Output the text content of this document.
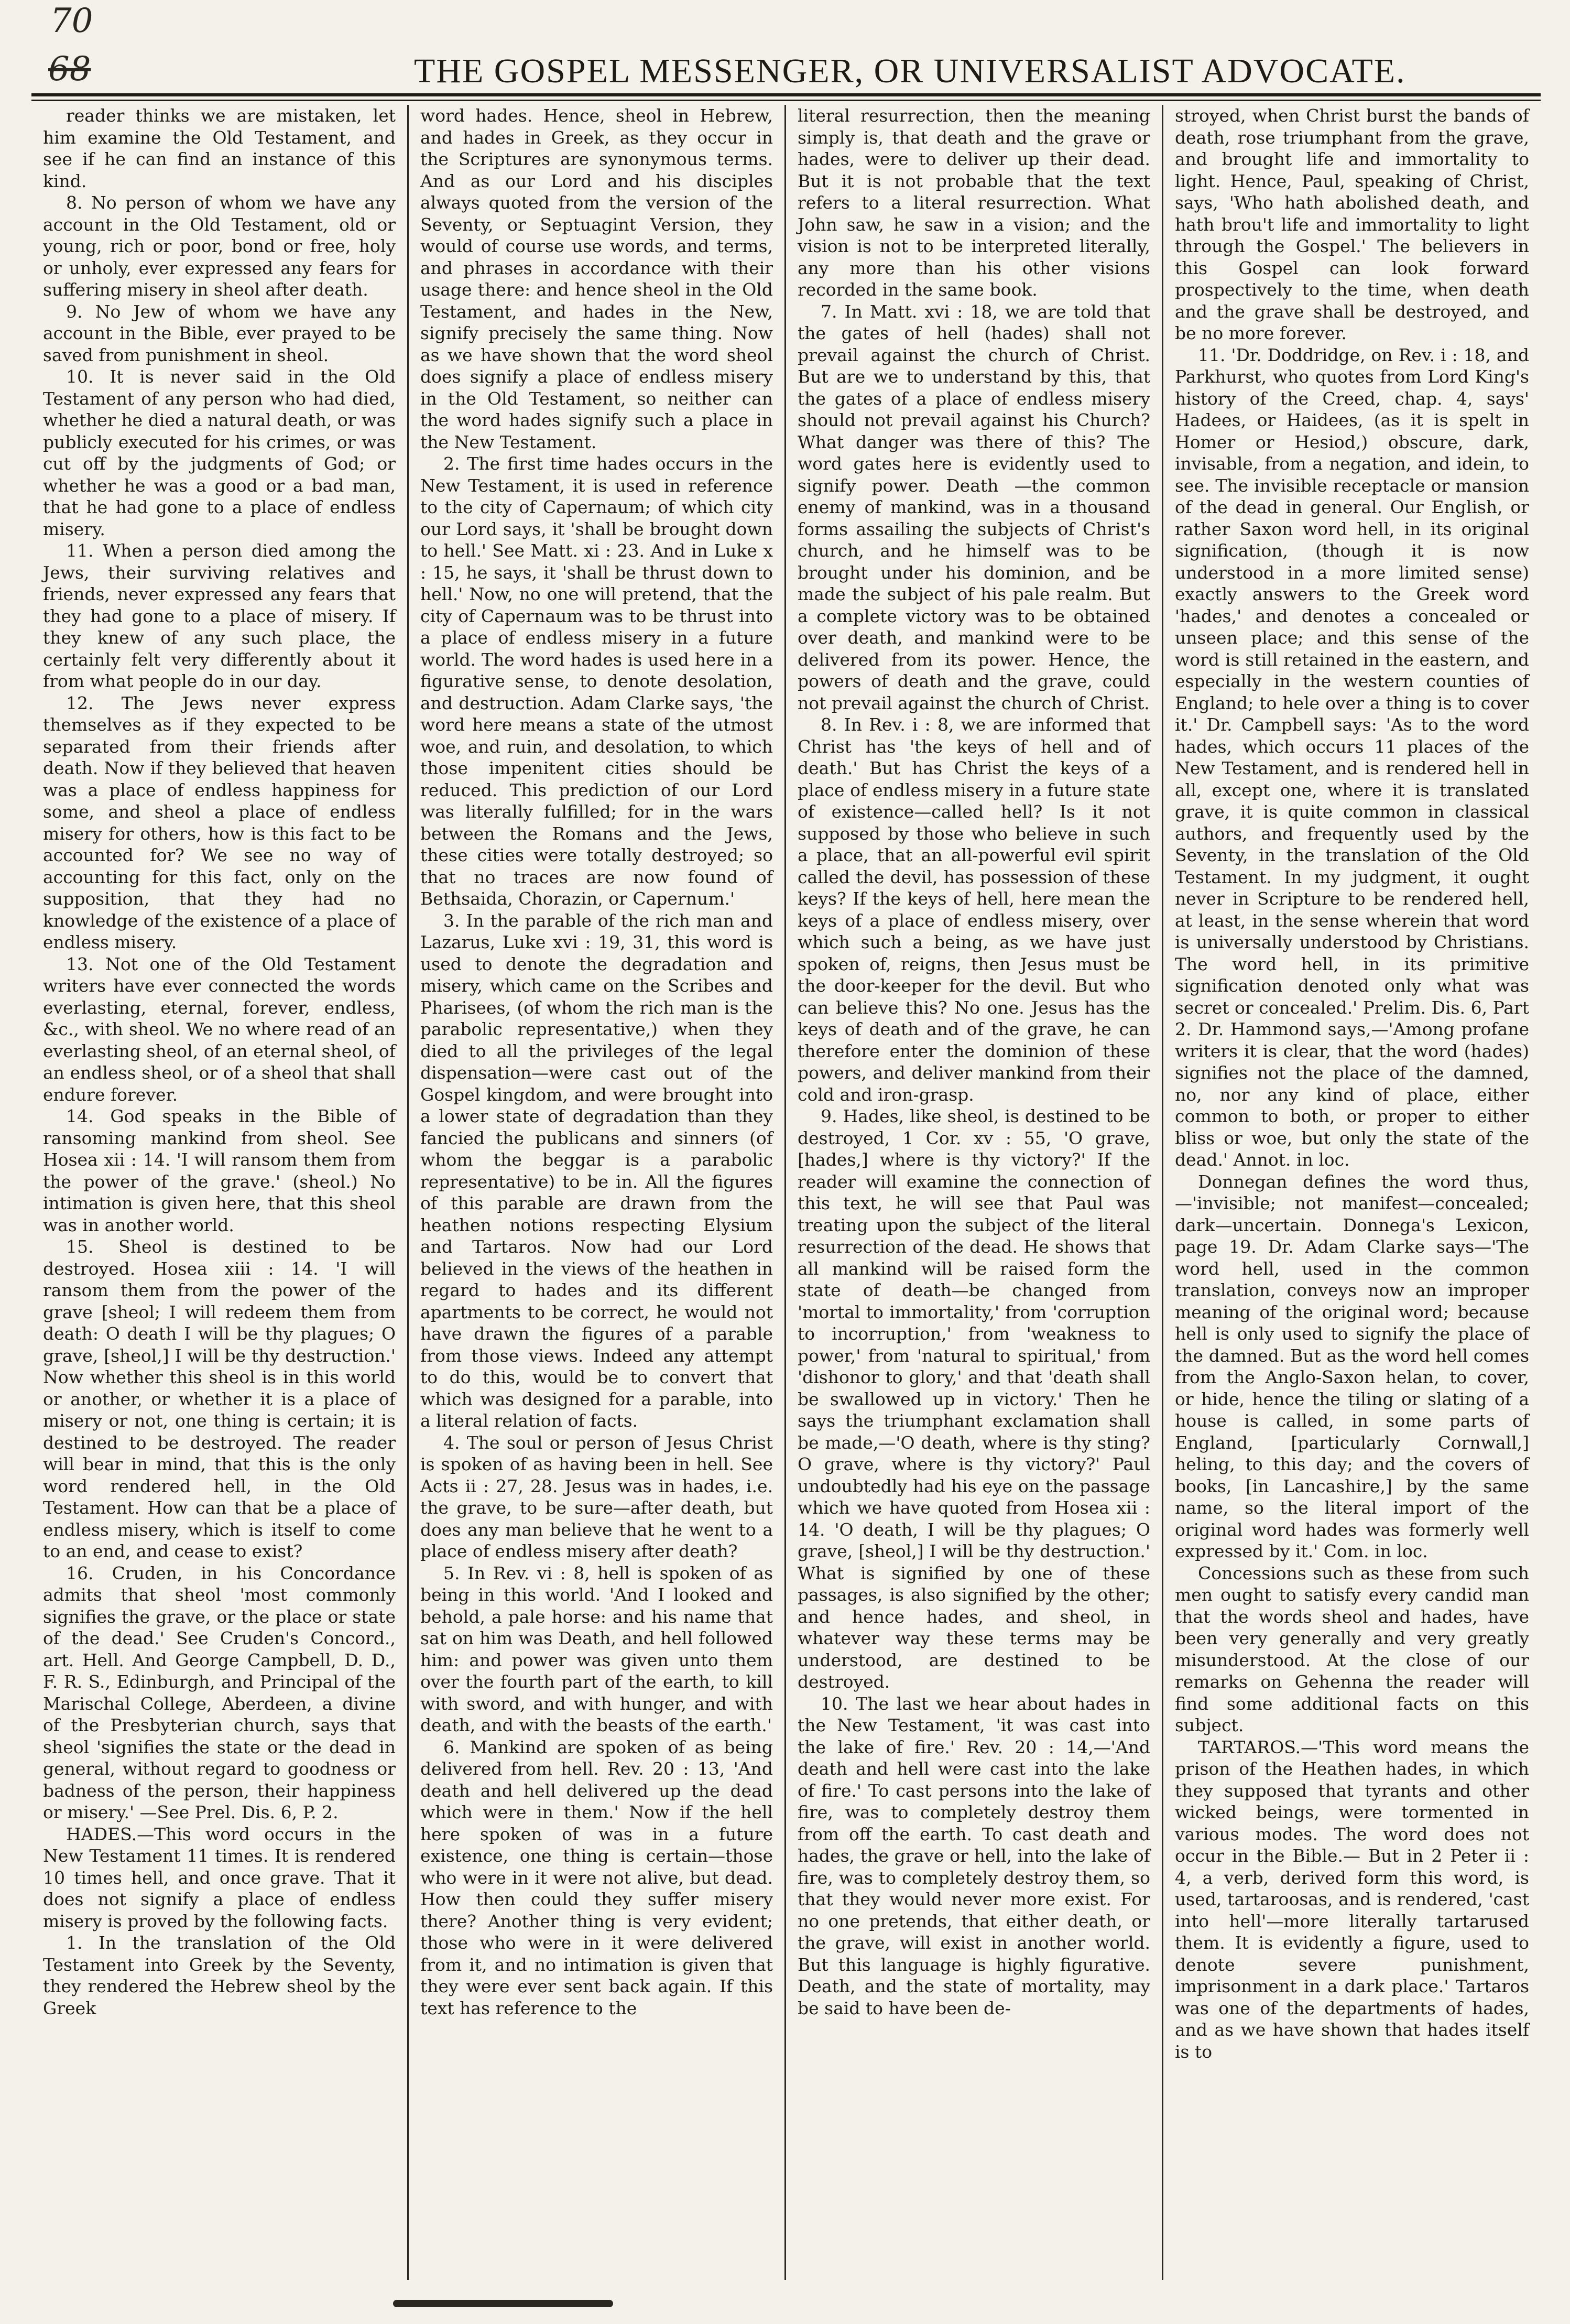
70
68	THE GOSPEL MESSENGER, OR UNIVERSALIST ADVOCATE.

reader thinks we are mistaken, let him examine the Old Testament, and see if he can find an instance of this kind.

8. No person of whom we have any account in the Old Testament, old or young, rich or poor, bond or free, holy or unholy, ever expressed any fears for suffering misery in sheol after death.

9. No Jew of whom we have any account in the Bible, ever prayed to be saved from punishment in sheol.

10. It is never said in the Old Testament of any person who had died, whether he died a natural death, or was publicly executed for his crimes, or was cut off by the judgments of God; or whether he was a good or a bad man, that he had gone to a place of endless misery.

11. When a person died among the Jews, their surviving relatives and friends, never expressed any fears that they had gone to a place of misery. If they knew of any such place, the certainly felt very differently about it from what people do in our day.

12. The Jews never express themselves as if they expected to be separated from their friends after death. Now if they believed that heaven was a place of endless happiness for some, and sheol a place of endless misery for others, how is this fact to be accounted for? We see no way of accounting for this fact, only on the supposition, that they had no knowledge of the existence of a place of endless misery.

13. Not one of the Old Testament writers have ever connected the words everlasting, eternal, forever, endless, &c., with sheol. We no where read of an everlasting sheol, of an eternal sheol, of an endless sheol, or of a sheol that shall endure forever.

14. God speaks in the Bible of ransoming mankind from sheol. See Hosea xii : 14. 'I will ransom them from the power of the grave.' (sheol.) No intimation is given here, that this sheol was in another world.

15. Sheol is destined to be destroyed. Hosea xiii : 14. 'I will ransom them from the power of the grave [sheol; I will redeem them from death: O death I will be thy plagues; O grave, [sheol,] I will be thy destruction.' Now whether this sheol is in this world or another, or whether it is a place of misery or not, one thing is certain; it is destined to be destroyed. The reader will bear in mind, that this is the only word rendered hell, in the Old Testament. How can that be a place of endless misery, which is itself to come to an end, and cease to exist?

16. Cruden, in his Concordance admits that sheol 'most commonly signifies the grave, or the place or state of the dead.' See Cruden's Concord., art. Hell. And George Campbell, D. D., F. R. S., Edinburgh, and Principal of the Marischal College, Aberdeen, a divine of the Presbyterian church, says that sheol 'signifies the state or the dead in general, without regard to goodness or badness of the person, their happiness or misery.' —See Prel. Dis. 6, P. 2.

HADES.—This word occurs in the New Testament 11 times. It is rendered 10 times hell, and once grave. That it does not signify a place of endless misery is proved by the following facts.

1. In the translation of the Old Testament into Greek by the Seventy, they rendered the Hebrew sheol by the Greek

word hades. Hence, sheol in Hebrew, and hades in Greek, as they occur in the Scriptures are synonymous terms. And as our Lord and his disciples always quoted from the version of the Seventy, or Septuagint Version, they would of course use words, and terms, and phrases in accordance with their usage there: and hence sheol in the Old Testament, and hades in the New, signify precisely the same thing. Now as we have shown that the word sheol does signify a place of endless misery in the Old Testament, so neither can the word hades signify such a place in the New Testament.

2. The first time hades occurs in the New Testament, it is used in reference to the city of Capernaum; of which city our Lord says, it 'shall be brought down to hell.' See Matt. xi : 23. And in Luke x : 15, he says, it 'shall be thrust down to hell.' Now, no one will pretend, that the city of Capernaum was to be thrust into a place of endless misery in a future world. The word hades is used here in a figurative sense, to denote desolation, and destruction. Adam Clarke says, 'the word here means a state of the utmost woe, and ruin, and desolation, to which those impenitent cities should be reduced. This prediction of our Lord was literally fulfilled; for in the wars between the Romans and the Jews, these cities were totally destroyed; so that no traces are now found of Bethsaida, Chorazin, or Capernum.'

3. In the parable of the rich man and Lazarus, Luke xvi : 19, 31, this word is used to denote the degradation and misery, which came on the Scribes and Pharisees, (of whom the rich man is the parabolic representative,) when they died to all the privileges of the legal dispensation—were cast out of the Gospel kingdom, and were brought into a lower state of degradation than they fancied the publicans and sinners (of whom the beggar is a parabolic representative) to be in. All the figures of this parable are drawn from the heathen notions respecting Elysium and Tartaros. Now had our Lord believed in the views of the heathen in regard to hades and its different apartments to be correct, he would not have drawn the figures of a parable from those views. Indeed any attempt to do this, would be to convert that which was designed for a parable, into a literal relation of facts.

4. The soul or person of Jesus Christ is spoken of as having been in hell. See Acts ii : 27, 28. Jesus was in hades, i.e. the grave, to be sure—after death, but does any man believe that he went to a place of endless misery after death?

5. In Rev. vi : 8, hell is spoken of as being in this world. 'And I looked and behold, a pale horse: and his name that sat on him was Death, and hell followed him: and power was given unto them over the fourth part of the earth, to kill with sword, and with hunger, and with death, and with the beasts of the earth.'

6. Mankind are spoken of as being delivered from hell. Rev. 20 : 13, 'And death and hell delivered up the dead which were in them.' Now if the hell here spoken of was in a future existence, one thing is certain—those who were in it were not alive, but dead. How then could they suffer misery there? Another thing is very evident; those who were in it were delivered from it, and no intimation is given that they were ever sent back again. If this text has reference to the

literal resurrection, then the meaning simply is, that death and the grave or hades, were to deliver up their dead. But it is not probable that the text refers to a literal resurrection. What John saw, he saw in a vision; and the vision is not to be interpreted literally, any more than his other visions recorded in the same book.

7. In Matt. xvi : 18, we are told that the gates of hell (hades) shall not prevail against the church of Christ. But are we to understand by this, that the gates of a place of endless misery should not prevail against his Church? What danger was there of this? The word gates here is evidently used to signify power. Death —the common enemy of mankind, was in a thousand forms assailing the subjects of Christ's church, and he himself was to be brought under his dominion, and be made the subject of his pale realm. But a complete victory was to be obtained over death, and mankind were to be delivered from its power. Hence, the powers of death and the grave, could not prevail against the church of Christ.

8. In Rev. i : 8, we are informed that Christ has 'the keys of hell and of death.' But has Christ the keys of a place of endless misery in a future state of existence—called hell? Is it not supposed by those who believe in such a place, that an all-powerful evil spirit called the devil, has possession of these keys? If the keys of hell, here mean the keys of a place of endless misery, over which such a being, as we have just spoken of, reigns, then Jesus must be the door-keeper for the devil. But who can believe this? No one. Jesus has the keys of death and of the grave, he can therefore enter the dominion of these powers, and deliver mankind from their cold and iron-grasp.

9. Hades, like sheol, is destined to be destroyed, 1 Cor. xv : 55, 'O grave, [hades,] where is thy victory?' If the reader will examine the connection of this text, he will see that Paul was treating upon the subject of the literal resurrection of the dead. He shows that all mankind will be raised form the state of death—be changed from 'mortal to immortality,' from 'corruption to incorruption,' from 'weakness to power,' from 'natural to spiritual,' from 'dishonor to glory,' and that 'death shall be swallowed up in victory.' Then he says the triumphant exclamation shall be made,—'O death, where is thy sting? O grave, where is thy victory?' Paul undoubtedly had his eye on the passage which we have quoted from Hosea xii : 14. 'O death, I will be thy plagues; O grave, [sheol,] I will be thy destruction.' What is signified by one of these passages, is also signified by the other; and hence hades, and sheol, in whatever way these terms may be understood, are destined to be destroyed.

10. The last we hear about hades in the New Testament, 'it was cast into the lake of fire.' Rev. 20 : 14,—'And death and hell were cast into the lake of fire.' To cast persons into the lake of fire, was to completely destroy them from off the earth. To cast death and hades, the grave or hell, into the lake of fire, was to completely destroy them, so that they would never more exist. For no one pretends, that either death, or the grave, will exist in another world. But this language is highly figurative. Death, and the state of mortality, may be said to have been de-

stroyed, when Christ burst the bands of death, rose triumphant from the grave, and brought life and immortality to light. Hence, Paul, speaking of Christ, says, 'Who hath abolished death, and hath brou't life and immortality to light through the Gospel.' The believers in this Gospel can look forward prospectively to the time, when death and the grave shall be destroyed, and be no more forever.

11. 'Dr. Doddridge, on Rev. i : 18, and Parkhurst, who quotes from Lord King's history of the Creed, chap. 4, says' Hadees, or Haidees, (as it is spelt in Homer or Hesiod,) obscure, dark, invisable, from a negation, and idein, to see. The invisible receptacle or mansion of the dead in general. Our English, or rather Saxon word hell, in its original signification, (though it is now understood in a more limited sense) exactly answers to the Greek word 'hades,' and denotes a concealed or unseen place; and this sense of the word is still retained in the eastern, and especially in the western counties of England; to hele over a thing is to cover it.' Dr. Campbell says: 'As to the word hades, which occurs 11 places of the New Testament, and is rendered hell in all, except one, where it is translated grave, it is quite common in classical authors, and frequently used by the Seventy, in the translation of the Old Testament. In my judgment, it ought never in Scripture to be rendered hell, at least, in the sense wherein that word is universally understood by Christians. The word hell, in its primitive signification denoted only what was secret or concealed.' Prelim. Dis. 6, Part 2. Dr. Hammond says,—'Among profane writers it is clear, that the word (hades) signifies not the place of the damned, no, nor any kind of place, either common to both, or proper to either bliss or woe, but only the state of the dead.' Annot. in loc.

Donnegan defines the word thus,—'invisible; not manifest—concealed; dark—uncertain. Donnega's Lexicon, page 19. Dr. Adam Clarke says—'The word hell, used in the common translation, conveys now an improper meaning of the original word; because hell is only used to signify the place of the damned. But as the word hell comes from the Anglo-Saxon helan, to cover, or hide, hence the tiling or slating of a house is called, in some parts of England, [particularly Cornwall,] heling, to this day; and the covers of books, [in Lancashire,] by the same name, so the literal import of the original word hades was formerly well expressed by it.' Com. in loc.

Concessions such as these from such men ought to satisfy every candid man that the words sheol and hades, have been very generally and very greatly misunderstood. At the close of our remarks on Gehenna the reader will find some additional facts on this subject.

TARTAROS.—'This word means the prison of the Heathen hades, in which they supposed that tyrants and other wicked beings, were tormented in various modes. The word does not occur in the Bible.— But in 2 Peter ii : 4, a verb, derived form this word, is used, tartaroosas, and is rendered, 'cast into hell'—more literally tartarused them. It is evidently a figure, used to denote severe punishment, imprisonment in a dark place.' Tartaros was one of the departments of hades, and as we have shown that hades itself is to
